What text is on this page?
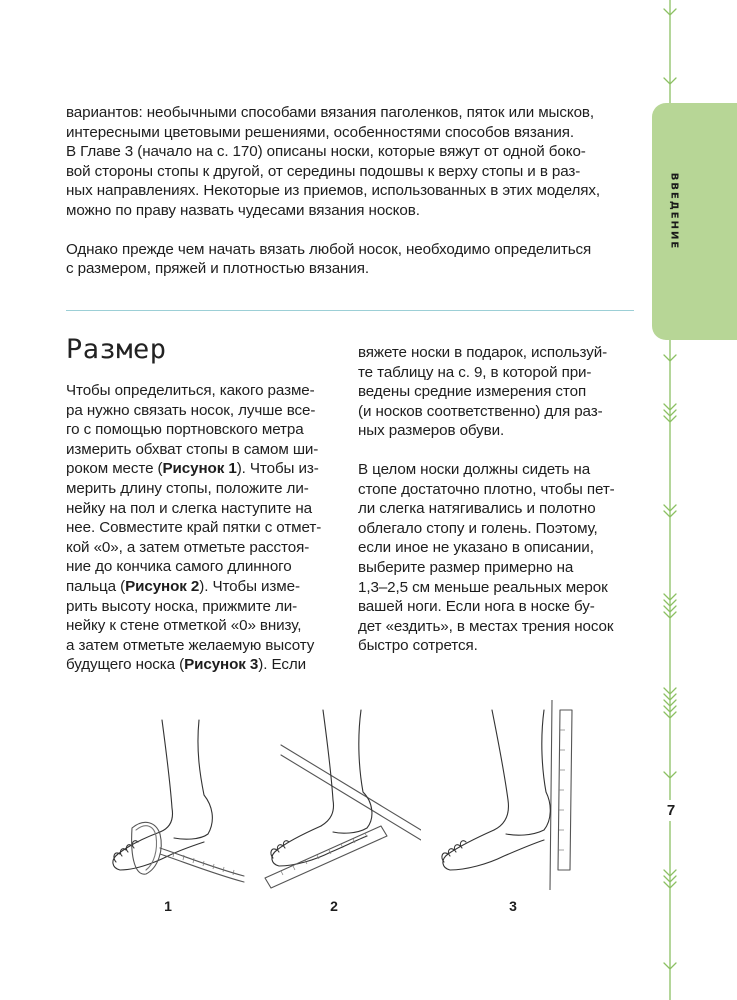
ВВЕДЕНИЕ
7

вариантов: необычными способами вязания паголенков, пяток или мысков,
интересными цветовыми решениями, особенностями способов вязания.
В Главе 3 (начало на с. 170) описаны носки, которые вяжут от одной боко-
вой стороны стопы к другой, от середины подошвы к верху стопы и в раз-
ных направлениях. Некоторые из приемов, использованных в этих моделях,
можно по праву назвать чудесами вязания носков.

Однако прежде чем начать вязать любой носок, необходимо определиться
с размером, пряжей и плотностью вязания.

Размер

Чтобы определиться, какого разме-
ра нужно связать носок, лучше все-
го с помощью портновского метра
измерить обхват стопы в самом ши-
роком месте (Рисунок 1). Чтобы из-
мерить длину стопы, положите ли-
нейку на пол и слегка наступите на
нее. Совместите край пятки с отмет-
кой «0», а затем отметьте расстоя-
ние до кончика самого длинного
пальца (Рисунок 2). Чтобы изме-
рить высоту носка, прижмите ли-
нейку к стене отметкой «0» внизу,
а затем отметьте желаемую высоту
будущего носка (Рисунок 3). Если

вяжете носки в подарок, используй-
те таблицу на с. 9, в которой при-
ведены средние измерения стоп
(и носков соответственно) для раз-
ных размеров обуви.

В целом носки должны сидеть на
стопе достаточно плотно, чтобы пет-
ли слегка натягивались и полотно
облегало стопу и голень. Поэтому,
если иное не указано в описании,
выберите размер примерно на
1,3–2,5 см меньше реальных мерок
вашей ноги. Если нога в носке бу-
дет «ездить», в местах трения носок
быстро сотрется.

1	2	3
